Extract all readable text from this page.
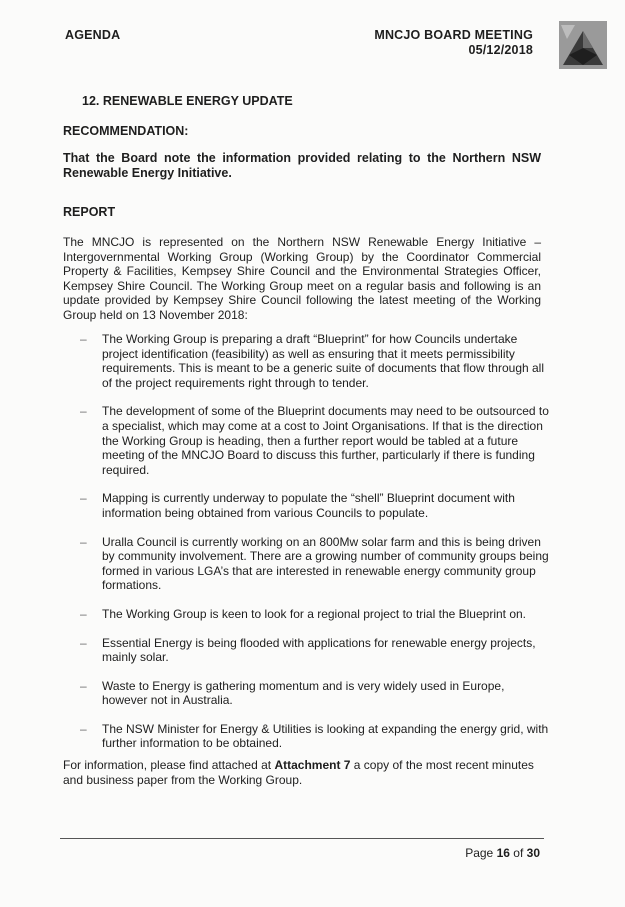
AGENDA	MNCJO BOARD MEETING
05/12/2018
12. RENEWABLE ENERGY UPDATE
RECOMMENDATION:
That the Board note the information provided relating to the Northern NSW Renewable Energy Initiative.
REPORT
The MNCJO is represented on the Northern NSW Renewable Energy Initiative – Intergovernmental Working Group (Working Group) by the Coordinator Commercial Property & Facilities, Kempsey Shire Council and the Environmental Strategies Officer, Kempsey Shire Council. The Working Group meet on a regular basis and following is an update provided by Kempsey Shire Council following the latest meeting of the Working Group held on 13 November 2018:
– The Working Group is preparing a draft “Blueprint” for how Councils undertake project identification (feasibility) as well as ensuring that it meets permissibility requirements. This is meant to be a generic suite of documents that flow through all of the project requirements right through to tender.
– The development of some of the Blueprint documents may need to be outsourced to a specialist, which may come at a cost to Joint Organisations. If that is the direction the Working Group is heading, then a further report would be tabled at a future meeting of the MNCJO Board to discuss this further, particularly if there is funding required.
– Mapping is currently underway to populate the “shell” Blueprint document with information being obtained from various Councils to populate.
– Uralla Council is currently working on an 800Mw solar farm and this is being driven by community involvement. There are a growing number of community groups being formed in various LGA’s that are interested in renewable energy community group formations.
– The Working Group is keen to look for a regional project to trial the Blueprint on.
– Essential Energy is being flooded with applications for renewable energy projects, mainly solar.
– Waste to Energy is gathering momentum and is very widely used in Europe, however not in Australia.
– The NSW Minister for Energy & Utilities is looking at expanding the energy grid, with further information to be obtained.
For information, please find attached at Attachment 7 a copy of the most recent minutes and business paper from the Working Group.
Page 16 of 30
